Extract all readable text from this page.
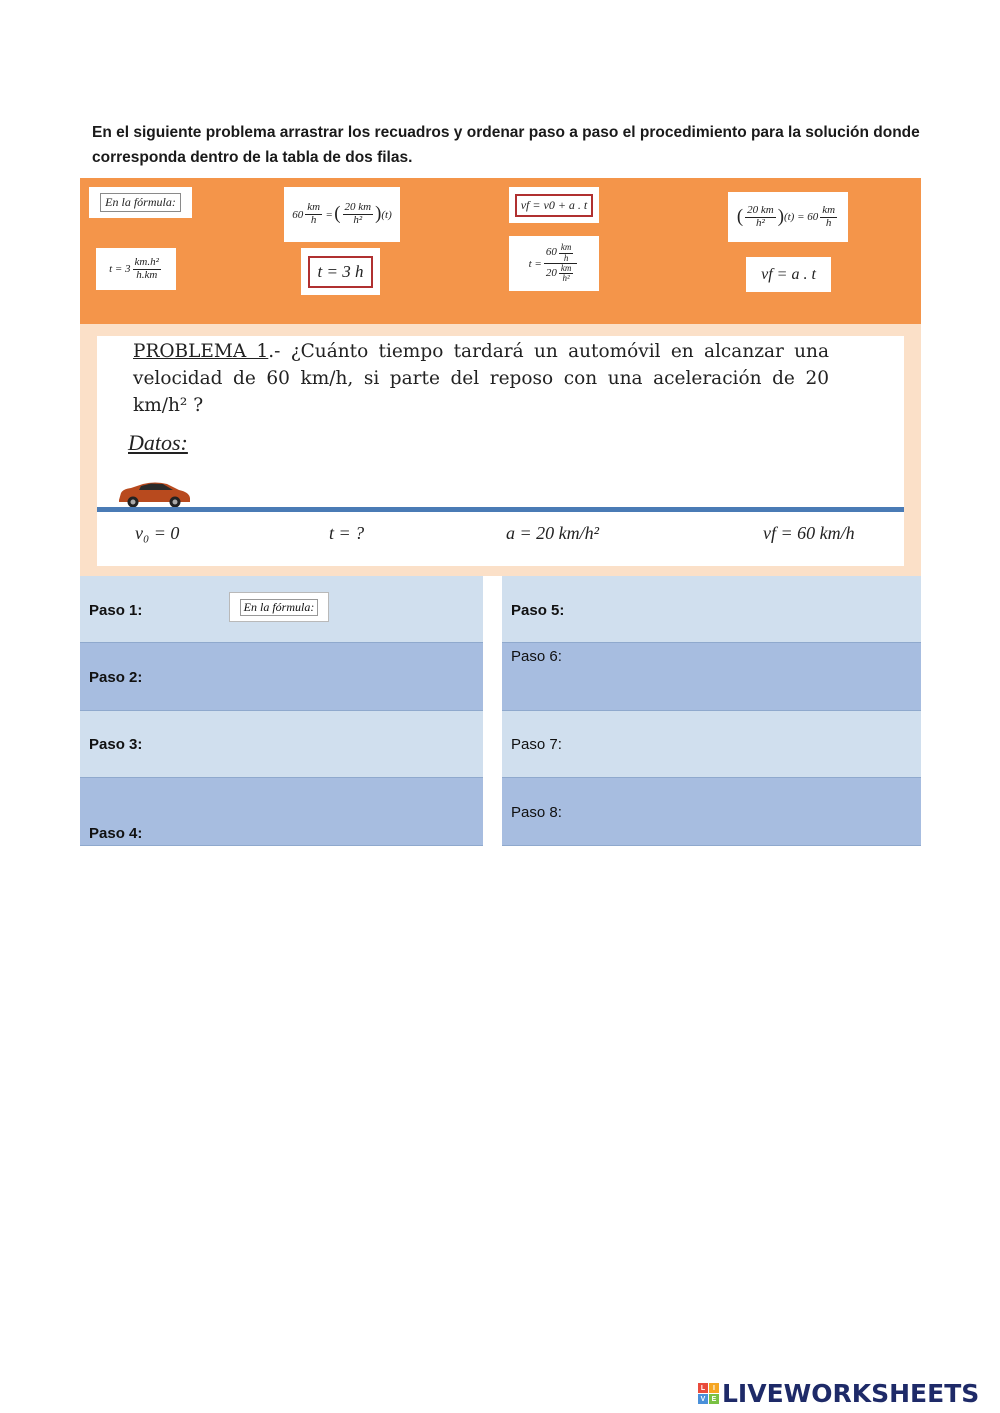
En el siguiente problema arrastrar los recuadros y ordenar paso a paso el procedimiento para la solución donde corresponda dentro de la tabla de dos filas.
En la fórmula:
$t = 3 \frac{\text{km.h²}}{h.km}$
$60 \frac{km}{h}$ = ( $\frac{20 km}{\text{h²}}$ ) (t)
t = 3 h
vf = v0 + a . t
$t = \frac{60 \frac{km}{h}}{20 \frac{km}{\text{h²}}}$
( $\frac{20 km}{\text{h²}}$ ) $(t) = 60 \frac{km}{h}$
vf = a . t
PROBLEMA 1.- ¿Cuánto tiempo tardará un automóvil en alcanzar una velocidad de 60 km/h, si parte del reposo con una aceleración de 20 km/h² ?
Datos:
v₀ = 0	t = ?	a = 20 km/h²	vf = 60 km/h
Paso 1:	En la fórmula:
Paso 2:
Paso 3:
Paso 4:
Paso 5:
Paso 6:
Paso 7:
Paso 8:
L	I
V E LIVEWORKSHEETS
